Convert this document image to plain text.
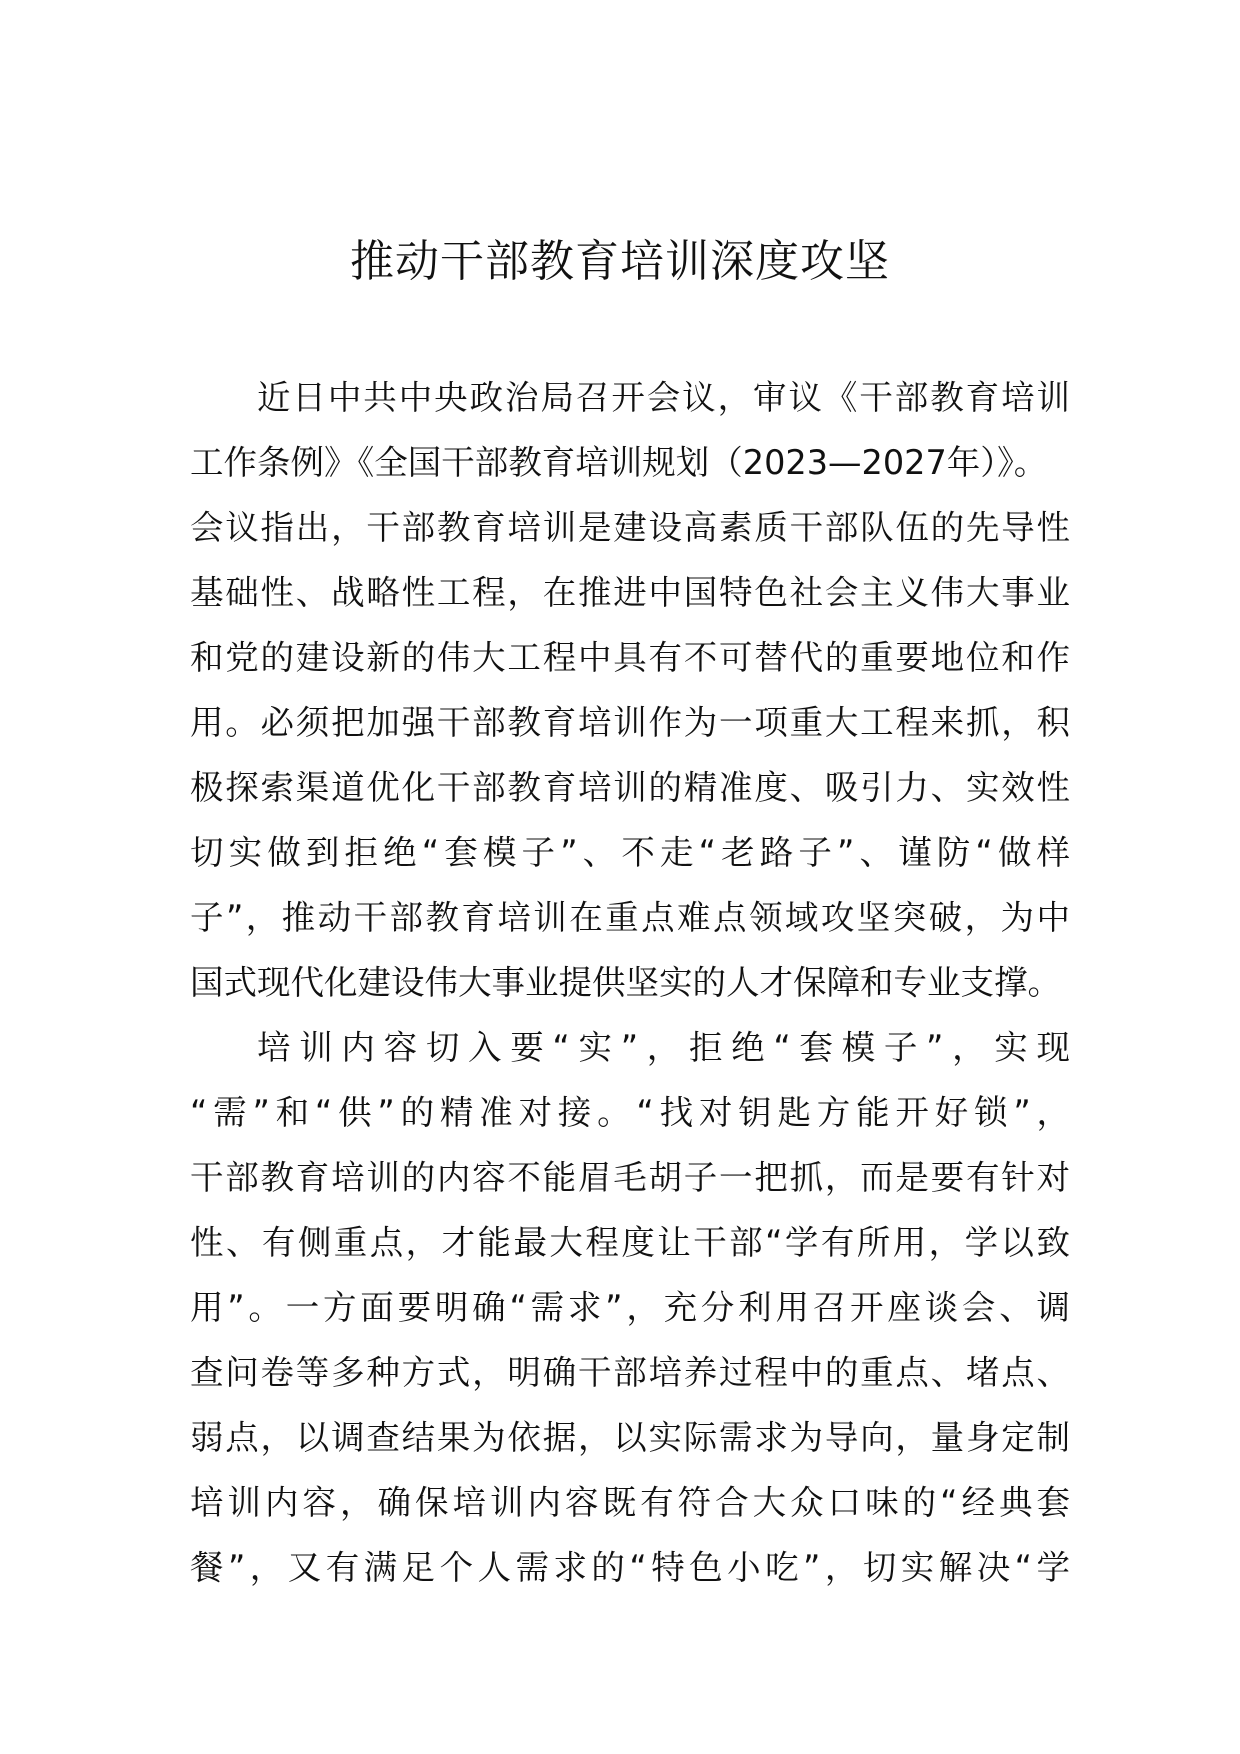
推动干部教育培训深度攻坚
近日中共中央政治局召开会议，审议《干部教育培训
工作条例》《全国干部教育培训规划（2023—2027年）》。
会议指出，干部教育培训是建设高素质干部队伍的先导性
基础性、战略性工程，在推进中国特色社会主义伟大事业
和党的建设新的伟大工程中具有不可替代的重要地位和作
用。必须把加强干部教育培训作为一项重大工程来抓，积
极探索渠道优化干部教育培训的精准度、吸引力、实效性
切实做到拒绝“套模子”、不走“老路子”、谨防“做样
子”，推动干部教育培训在重点难点领域攻坚突破，为中
国式现代化建设伟大事业提供坚实的人才保障和专业支撑。
培训内容切入要“实”，拒绝“套模子”，实现
“需”和“供”的精准对接。“找对钥匙方能开好锁”，
干部教育培训的内容不能眉毛胡子一把抓，而是要有针对
性、有侧重点，才能最大程度让干部“学有所用，学以致
用”。一方面要明确“需求”，充分利用召开座谈会、调
查问卷等多种方式，明确干部培养过程中的重点、堵点、
弱点，以调查结果为依据，以实际需求为导向，量身定制
培训内容，确保培训内容既有符合大众口味的“经典套
餐”，又有满足个人需求的“特色小吃”，切实解决“学
